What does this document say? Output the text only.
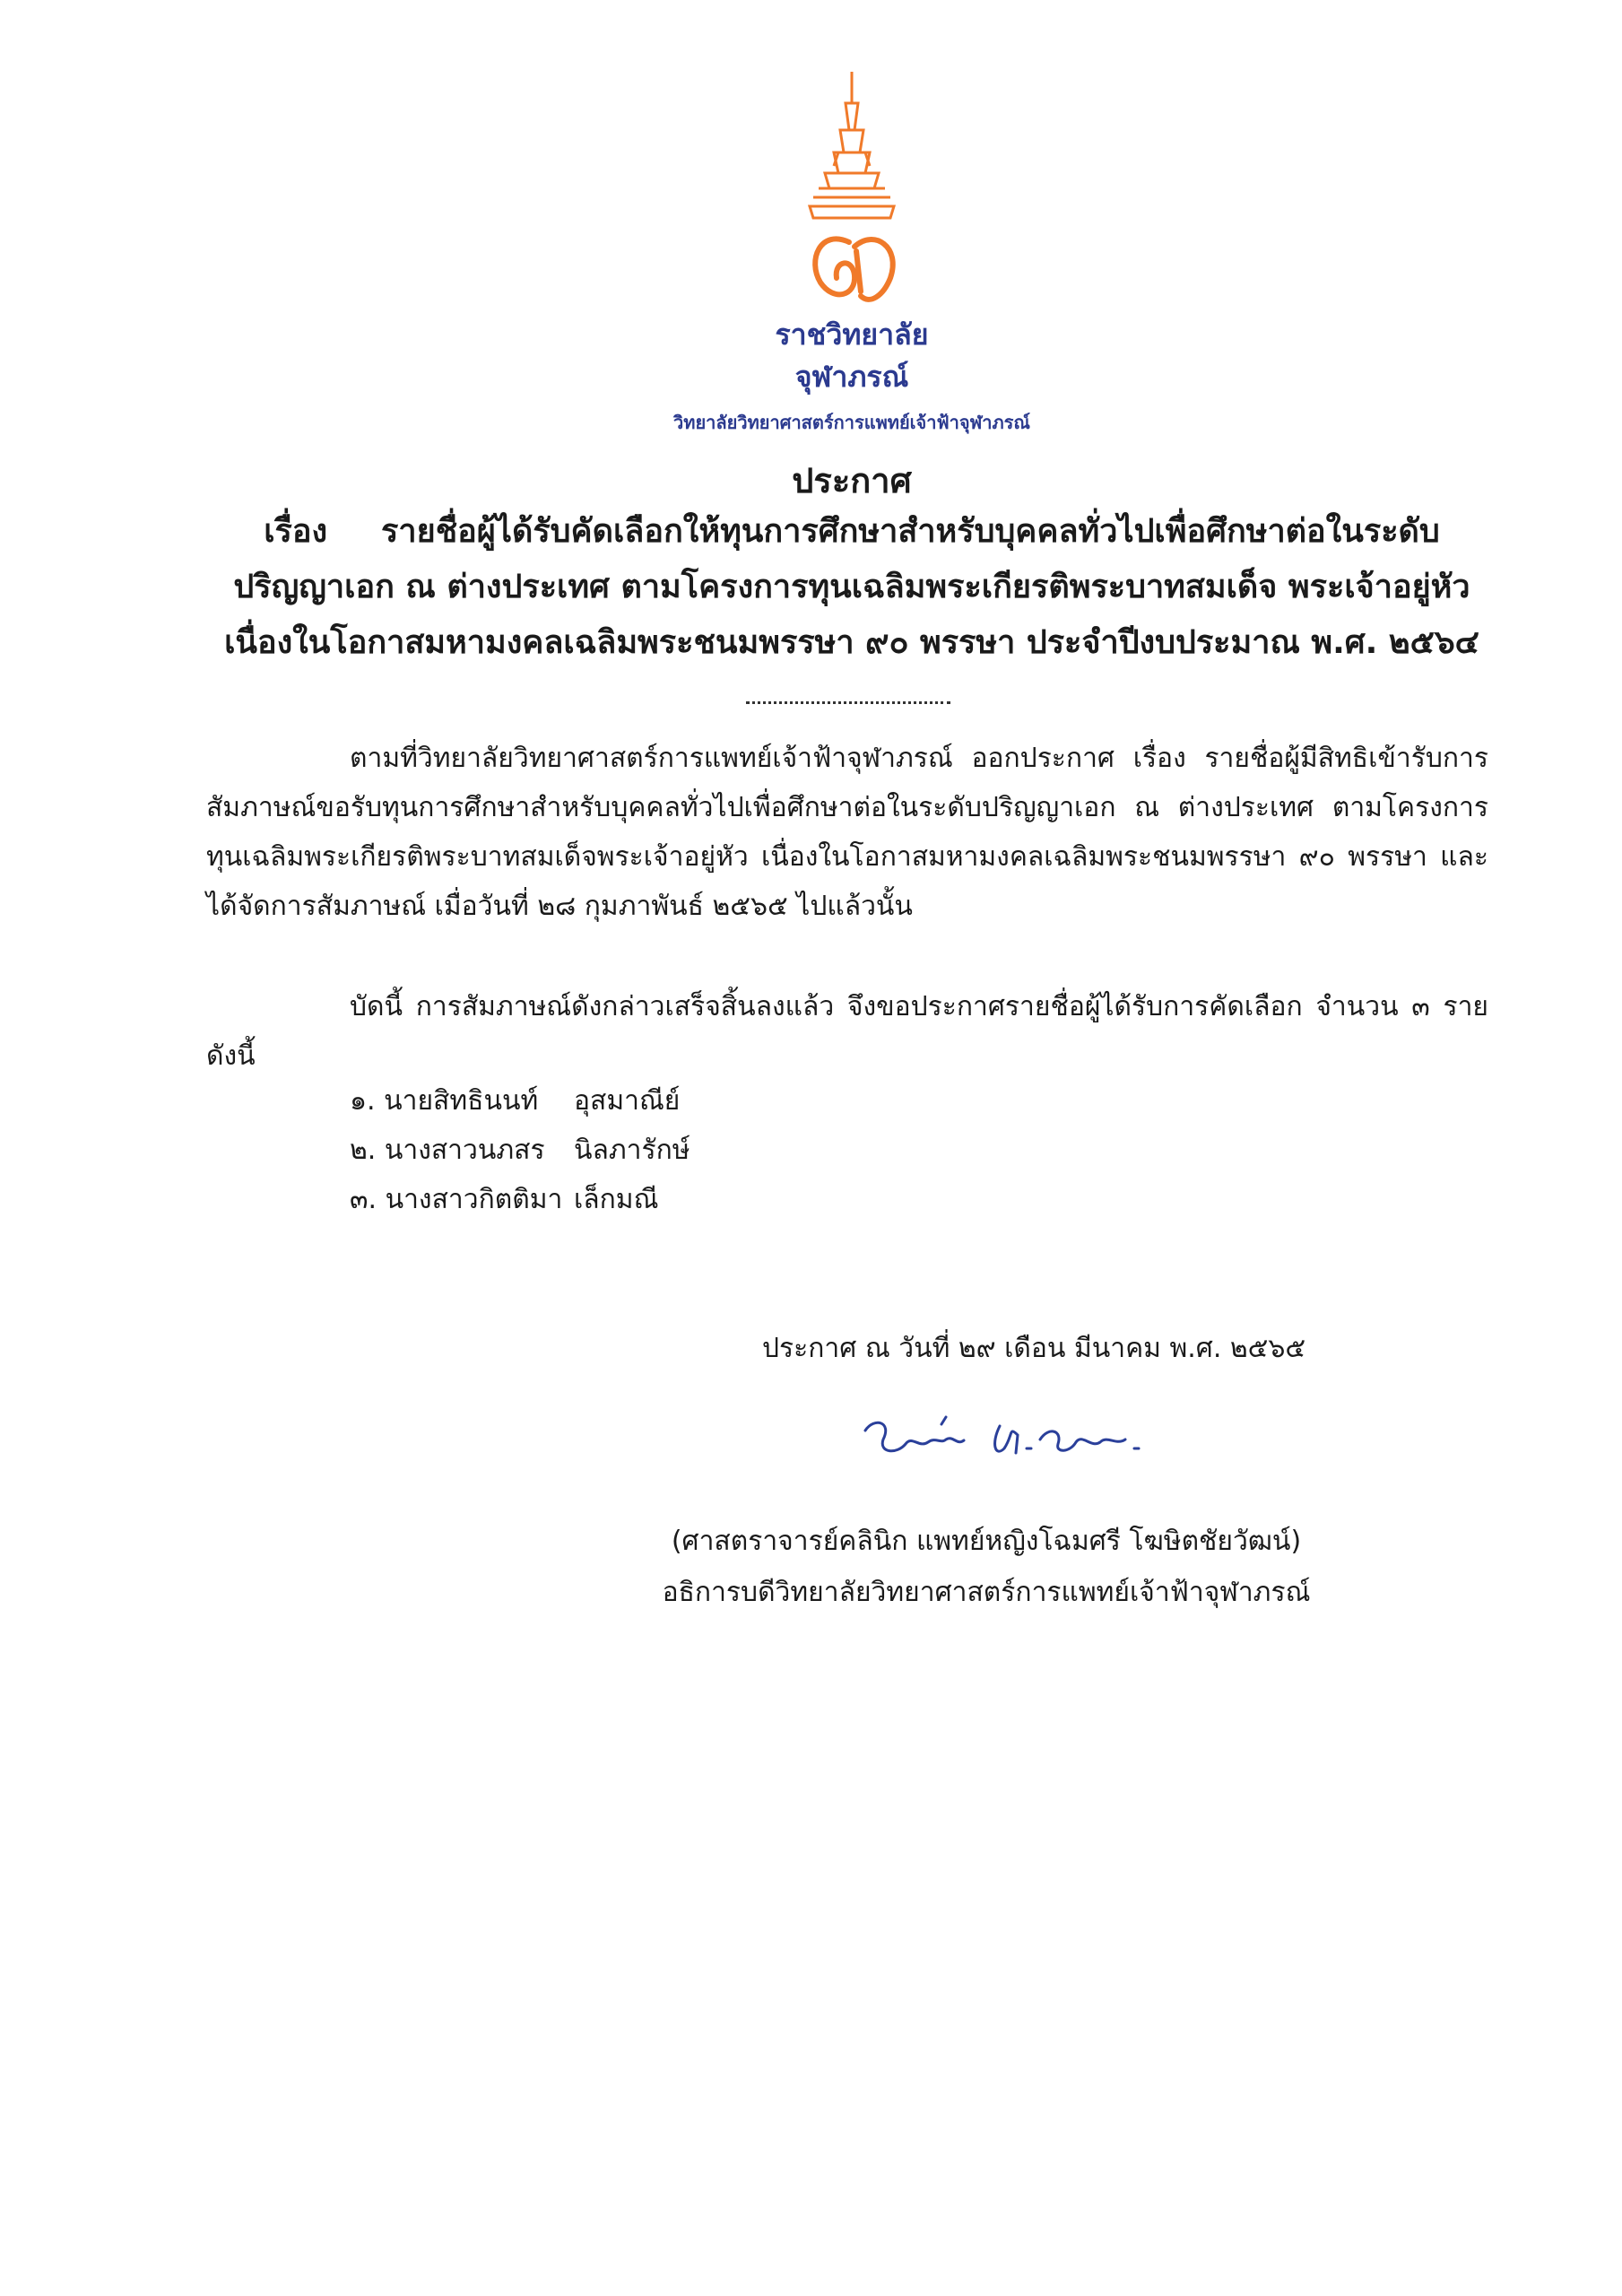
ราชวิทยาลัย
จุฬาภรณ์
วิทยาลัยวิทยาศาสตร์การแพทย์เจ้าฟ้าจุฬาภรณ์
ประกาศ
เรื่อง รายชื่อผู้ได้รับคัดเลือกให้ทุนการศึกษาสำหรับบุคคลทั่วไปเพื่อศึกษาต่อในระดับ
ปริญญาเอก ณ ต่างประเทศ ตามโครงการทุนเฉลิมพระเกียรติพระบาทสมเด็จ พระเจ้าอยู่หัว
เนื่องในโอกาสมหามงคลเฉลิมพระชนมพรรษา ๙๐ พรรษา ประจำปีงบประมาณ พ.ศ. ๒๕๖๔
ตามที่วิทยาลัยวิทยาศาสตร์การแพทย์เจ้าฟ้าจุฬาภรณ์ ออกประกาศ เรื่อง รายชื่อผู้มีสิทธิเข้ารับการสัมภาษณ์ขอรับทุนการศึกษาสำหรับบุคคลทั่วไปเพื่อศึกษาต่อในระดับปริญญาเอก ณ ต่างประเทศ ตามโครงการทุนเฉลิมพระเกียรติพระบาทสมเด็จพระเจ้าอยู่หัว เนื่องในโอกาสมหามงคลเฉลิมพระชนมพรรษา ๙๐ พรรษา และได้จัดการสัมภาษณ์ เมื่อวันที่ ๒๘ กุมภาพันธ์ ๒๕๖๕ ไปแล้วนั้น
บัดนี้ การสัมภาษณ์ดังกล่าวเสร็จสิ้นลงแล้ว จึงขอประกาศรายชื่อผู้ได้รับการคัดเลือก จำนวน ๓ ราย ดังนี้
๑. นายสิทธินนท์	อุสมาณีย์
๒. นางสาวนภสร	นิลภารักษ์
๓. นางสาวกิตติมา เล็กมณี
ประกาศ ณ วันที่ ๒๙ เดือน มีนาคม พ.ศ. ๒๕๖๕
(ศาสตราจารย์คลินิก แพทย์หญิงโฉมศรี โฆษิตชัยวัฒน์)
อธิการบดีวิทยาลัยวิทยาศาสตร์การแพทย์เจ้าฟ้าจุฬาภรณ์
